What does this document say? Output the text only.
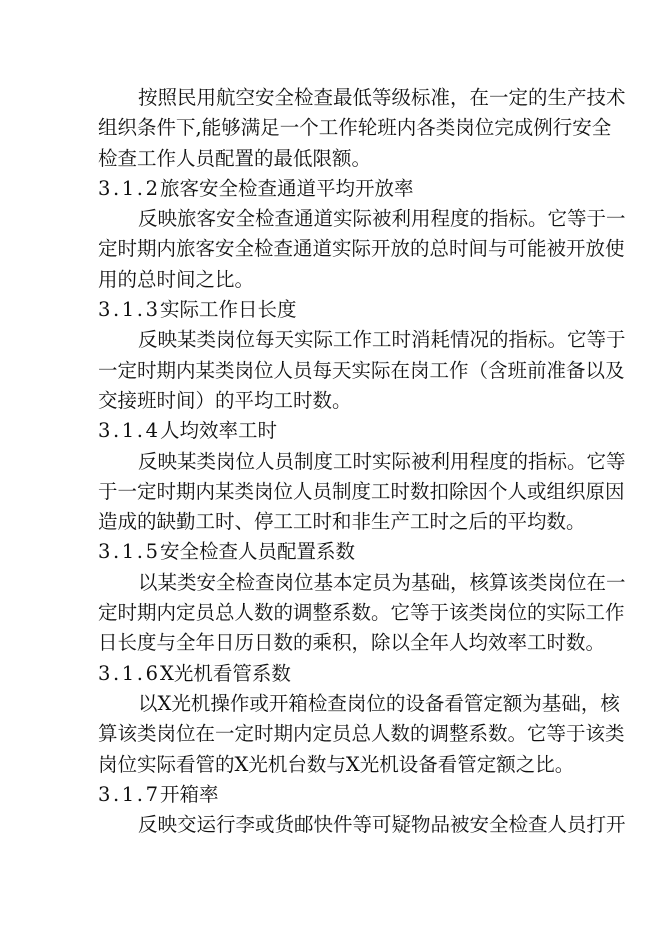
按照民用航空安全检查最低等级标准，在一定的生产技术
组织条件下,能够满足一个工作轮班内各类岗位完成例行安全
检查工作人员配置的最低限额。
3.1.2旅客安全检查通道平均开放率
反映旅客安全检查通道实际被利用程度的指标。它等于一
定时期内旅客安全检查通道实际开放的总时间与可能被开放使
用的总时间之比。
3.1.3实际工作日长度
反映某类岗位每天实际工作工时消耗情况的指标。它等于
一定时期内某类岗位人员每天实际在岗工作（含班前准备以及
交接班时间）的平均工时数。
3.1.4人均效率工时
反映某类岗位人员制度工时实际被利用程度的指标。它等
于一定时期内某类岗位人员制度工时数扣除因个人或组织原因
造成的缺勤工时、停工工时和非生产工时之后的平均数。
3.1.5安全检查人员配置系数
以某类安全检查岗位基本定员为基础，核算该类岗位在一
定时期内定员总人数的调整系数。它等于该类岗位的实际工作
日长度与全年日历日数的乘积，除以全年人均效率工时数。
3.1.6X光机看管系数
以X光机操作或开箱检查岗位的设备看管定额为基础，核
算该类岗位在一定时期内定员总人数的调整系数。它等于该类
岗位实际看管的X光机台数与X光机设备看管定额之比。
3.1.7开箱率
反映交运行李或货邮快件等可疑物品被安全检查人员打开
